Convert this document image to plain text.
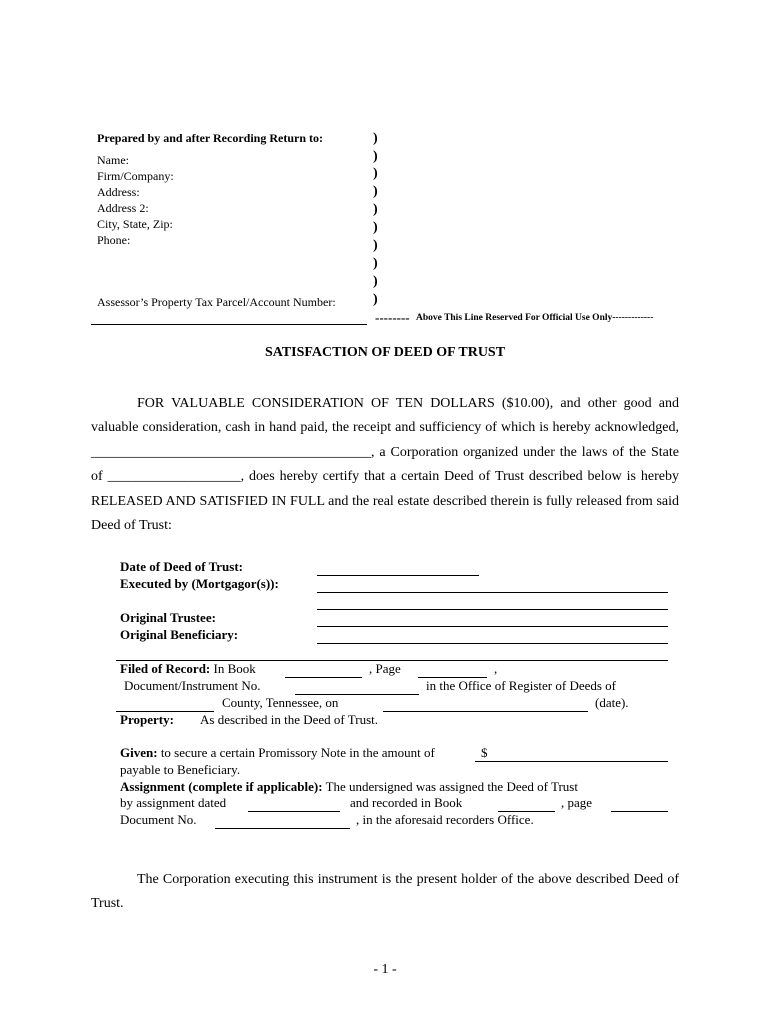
Prepared by and after Recording Return to:
Name:
Firm/Company:
Address:
Address 2:
City, State, Zip:
Phone:
Assessor’s Property Tax Parcel/Account Number:
)
)
)
)
)
)
)
)
)
)
-------- Above This Line Reserved For Official Use Only-------------
SATISFACTION OF DEED OF TRUST
FOR VALUABLE CONSIDERATION OF TEN DOLLARS ($10.00), and other good and
valuable consideration, cash in hand paid, the receipt and sufficiency of which is hereby acknowledged,
________________________________________, a Corporation organized under the laws of the State
of ___________________, does hereby certify that a certain Deed of Trust described below is hereby
RELEASED AND SATISFIED IN FULL and the real estate described therein is fully released from said
Deed of Trust:
Date of Deed of Trust:
Executed by (Mortgagor(s)):
Original Trustee:
Original Beneficiary:
Filed of Record: In Book	, Page	,
Document/Instrument No.	in the Office of Register of Deeds of
County, Tennessee, on	(date).
Property: As described in the Deed of Trust.
Given: to secure a certain Promissory Note in the amount of	$
payable to Beneficiary.
Assignment (complete if applicable): The undersigned was assigned the Deed of Trust
by assignment dated	and recorded in Book	, page
Document No.	, in the aforesaid recorders Office.
The Corporation executing this instrument is the present holder of the above described Deed of
Trust.
- 1 -
